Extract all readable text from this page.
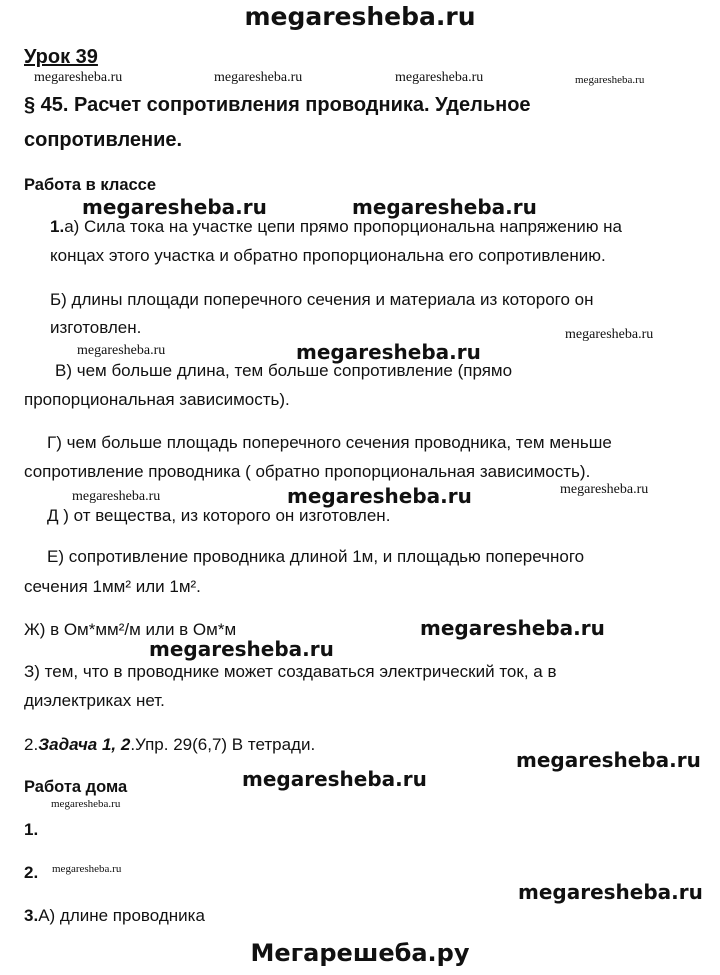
megaresheba.ru
Урок 39
megaresheba.ru	megaresheba.ru	megaresheba.ru	megaresheba.ru
§ 45. Расчет сопротивления проводника. Удельное
сопротивление.
Работа в классе
megaresheba.ru	megaresheba.ru
1.а) Сила тока на участке цепи прямо пропорциональна напряжению на
концах этого участка и обратно пропорциональна его сопротивлению.
Б) длины площади поперечного сечения и материала из которого он
изготовлен.	megaresheba.ru
megaresheba.ru	megaresheba.ru
В) чем больше длина, тем больше сопротивление (прямо
пропорциональная зависимость).
Г) чем больше площадь поперечного сечения проводника, тем меньше
сопротивление проводника ( обратно пропорциональная зависимость).
megaresheba.ru	megaresheba.ru	megaresheba.ru
Д ) от вещества, из которого он изготовлен.
Е) сопротивление проводника длиной 1м, и площадью поперечного
сечения 1мм² или 1м².
Ж) в Ом*мм²/м или в Ом*м	megaresheba.ru
megaresheba.ru
З) тем, что в проводнике может создаваться электрический ток, а в
диэлектриках нет.
2.Задача 1, 2.Упр. 29(6,7) В тетради.
megaresheba.ru
megaresheba.ru
Работа дома
megaresheba.ru
1.
megaresheba.ru
2.
megaresheba.ru
3.А) длине проводника
Мегарешеба.ру
